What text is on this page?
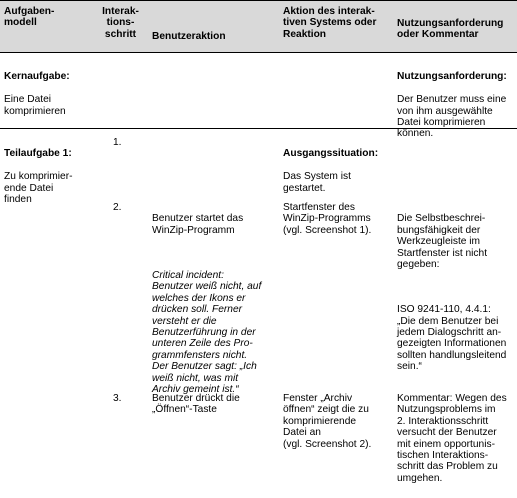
Aufgaben-
modell
Interak-
tions-
schritt	Benutzeraktion
Aktion des interak-
tiven Systems oder
Reaktion
Nutzungsanforderung
oder Kommentar

Kernaufgabe:

Eine Datei
komprimieren

Nutzungsanforderung:

Der Benutzer muss eine
von ihm ausgewählte
Datei komprimieren
können.

Teilaufgabe 1:

Zu komprimier-
ende Datei
finden

1.

Ausgangssituation:

Das System ist
gestartet.

2.

Benutzer startet das
WinZip-Programm

Critical incident:
Benutzer weiß nicht, auf
welches der Ikons er
drücken soll. Ferner
versteht er die
Benutzerführung in der
unteren Zeile des Pro-
grammfensters nicht.
Der Benutzer sagt: „Ich
weiß nicht, was mit
Archiv gemeint ist.“

Startfenster des
WinZip-Programms
(vgl. Screenshot 1).

Die Selbstbeschrei-
bungsfähigkeit der
Werkzeugleiste im
Startfenster ist nicht
gegeben:

ISO 9241-110, 4.4.1:
„Die dem Benutzer bei
jedem Dialogschritt an-
gezeigten Informationen
sollten handlungsleitend
sein.“

3.	Benutzer drückt die
„Öffnen“-Taste
Fenster „Archiv
öffnen“ zeigt die zu
komprimierende
Datei an
(vgl. Screenshot 2).
Kommentar: Wegen des
Nutzungsproblems im
2. Interaktionsschritt
versucht der Benutzer
mit einem opportunis-
tischen Interaktions-
schritt das Problem zu
umgehen.
